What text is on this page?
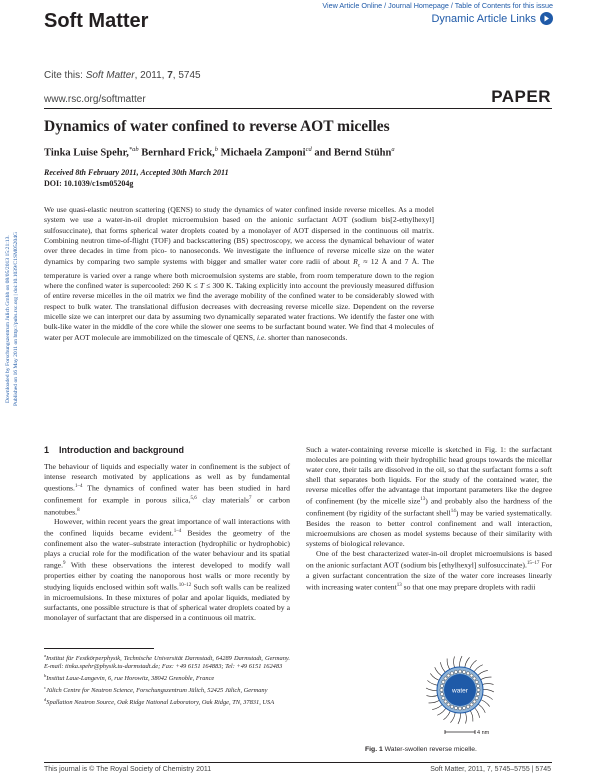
Soft Matter
View Article Online / Journal Homepage / Table of Contents for this issue
Dynamic Article Links
Cite this: Soft Matter, 2011, 7, 5745
www.rsc.org/softmatter	PAPER
Downloaded by Forschungszentrum Julich Gmbh on 08/05/2013 15:21:13. Published on 16 May 2011 on http://pubs.rsc.org | doi:10.1039/C1SM05204G
Dynamics of water confined to reverse AOT micelles
Tinka Luise Spehr,$^{*ab}$ Bernhard Frick,$^b$ Michaela Zamponi$^{cd}$ and Bernd Stühn$^a$
Received 8th February 2011, Accepted 30th March 2011
DOI: 10.1039/c1sm05204g
We use quasi-elastic neutron scattering (QENS) to study the dynamics of water confined inside reverse micelles. As a model system we use a water-in-oil droplet microemulsion based on the anionic surfactant AOT (sodium bis[2-ethylhexyl] sulfosuccinate), that forms spherical water droplets coated by a monolayer of AOT dispersed in the continuous oil matrix. Combining neutron time-of-flight (TOF) and backscattering (BS) spectroscopy, we access the dynamical behaviour of water over three decades in time from pico- to nanoseconds. We investigate the influence of reverse micelle size on the water dynamics by comparing two sample systems with bigger and smaller water core radii of about $R_c \approx 12$ Å and 7 Å. The temperature is varied over a range where both microemulsion systems are stable, from room temperature down to the region where the confined water is supercooled: 260 K ≤ T ≤ 300 K. Taking explicitly into account the previously measured diffusion of entire reverse micelles in the oil matrix we find the average mobility of the confined water to be considerably slowed with respect to bulk water. The translational diffusion decreases with decreasing reverse micelle size. Dependent on the reverse micelle size we can interpret our data by assuming two dynamically separated water fractions. We identify the faster one with bulk-like water in the middle of the core while the slower one seems to be surfactant bound water. We find that 4 molecules of water per AOT molecule are immobilized on the timescale of QENS, i.e. shorter than nanoseconds.
1 Introduction and background

The behaviour of liquids and especially water in confinement is the subject of intense research motivated by applications as well as by fundamental questions.$^{1-4}$ The dynamics of confined water has been studied in hard confinement for example in porous silica,$^{5,6}$ clay materials$^7$ or carbon nanotubes.$^8$

However, within recent years the great importance of wall interactions with the confined liquids became evident.$^{1-4}$ Besides the geometry of the confinement also the water–substrate interaction (hydrophilic or hydrophobic) plays a crucial role for the modification of the water behaviour and its spatial range.$^9$ With these observations the interest developed to modify wall properties either by coating the nanoporous host walls or more recently by studying liquids enclosed within soft walls.$^{10-12}$ Such soft walls can be realized in microemulsions. In these mixtures of polar and apolar liquids, mediated by surfactants, one possible structure is that of spherical water droplets coated by a monolayer of surfactant that are dispersed in a continuous oil matrix.

Such a water-containing reverse micelle is sketched in Fig. 1: the surfactant molecules are pointing with their hydrophilic head groups towards the micellar water core, their tails are dissolved in the oil, so that the surfactant forms a soft shell that separates both liquids. For the study of the contained water, the reverse micelles offer the advantage that important parameters like the degree of confinement (by the micelle size$^{13}$) and probably also the hardness of the confinement (by rigidity of the surfactant shell$^{14}$) may be varied systematically. Besides the reason to better control confinement and wall interaction, microemulsions are chosen as model systems because of their similarity with systems of biological relevance.

One of the best characterized water-in-oil droplet microemulsions is based on the anionic surfactant AOT (sodium bis [ethylhexyl] sulfosuccinate).$^{15-17}$ For a given surfactant concentration the size of the water core increases linearly with increasing water content$^{13}$ so that one may prepare droplets with radii

$^a$Institut für Festkörperphysik, Technische Universität Darmstadt, 64289 Darmstadt, Germany. E-mail: tinka.spehr@physik.tu-darmstadt.de; Fax: +49 6151 164883; Tel: +49 6151 162483
$^b$Institut Laue-Langevin, 6, rue Horowitz, 38042 Grenoble, France
$^c$Jülich Centre for Neutron Science, Forschungszentrum Jülich, 52425 Jülich, Germany
$^d$Spallation Neutron Source, Oak Ridge National Laboratory, Oak Ridge, TN, 37831, USA
water
4 nm
Fig. 1 Water-swollen reverse micelle.
This journal is © The Royal Society of Chemistry 2011	Soft Matter, 2011, 7, 5745–5755 | 5745
